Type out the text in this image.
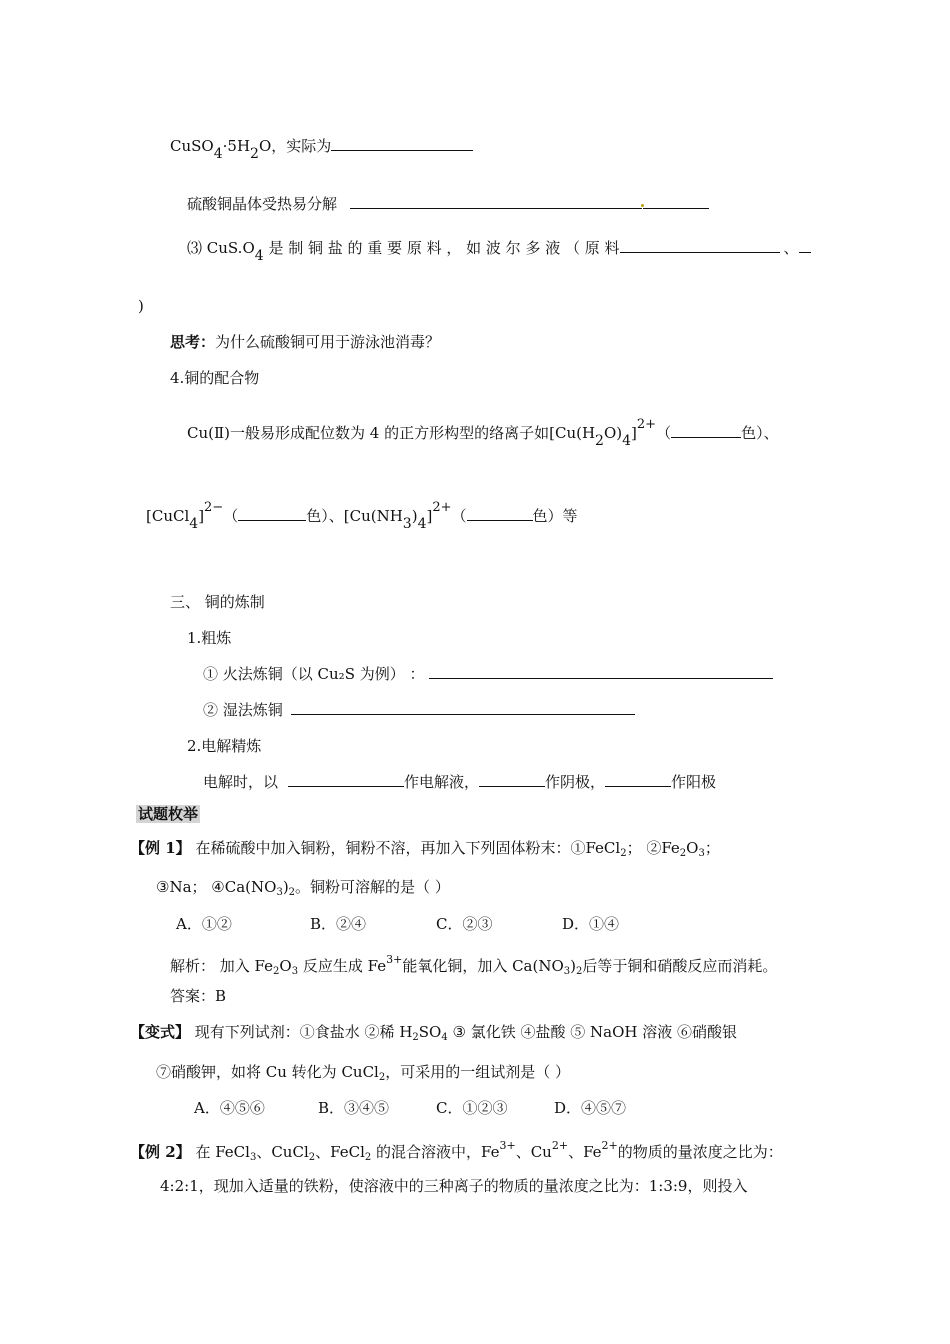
CuSO4·5H2O，实际为
硫酸铜晶体受热易分解
⑶ CuS.O4 是 制 铜 盐 的 重 要 原 料 ， 如 波 尔 多 液 （ 原 料	、
)
思考：为什么硫酸铜可用于游泳池消毒？
4.铜的配合物
Cu(Ⅱ)一般易形成配位数为 4 的正方形构型的络离子如[Cu(H2O)4]2+（	色）、
[CuCl4]2−（	色）、[Cu(NH3)4]2+（	色）等
三、 铜的炼制
1.粗炼
① 火法炼铜（以 Cu₂S 为例） ：
② 湿法炼铜
2.电解精炼
电解时，以	作电解液，	作阴极，	作阳极
试题枚举
【例 1】 在稀硫酸中加入铜粉，铜粉不溶，再加入下列固体粉末：①FeCl$_2$； $②Fe_2O_3$；
③Na； $④Ca(NO_3)_2$。铜粉可溶解的是（ ）
A．①②	B．②④	C．②③	D．①④
解析： 加入 $Fe_2O_3$ 反应生成 $Fe^{3+}$能氧化铜，加入 $Ca(NO_3)_2$后等于铜和硝酸反应而消耗。
答案：B
【变式】 现有下列试剂：①食盐水 ②稀 $H_2SO_4$ ③ 氯化铁 ④盐酸 ⑤ NaOH 溶液 ⑥硝酸银
⑦硝酸钾，如将 Cu 转化为 CuCl$_2$，可采用的一组试剂是（ ）
A．④⑤⑥	B．③④⑤	C．①②③	D．④⑤⑦
【例 2】 在 FeCl$_3$、CuCl$_2$、FeCl$_2$ 的混合溶液中，$Fe^{3+}$、$Cu^{2+}$、$Fe^{2+}$的物质的量浓度之比为：
4:2:1，现加入适量的铁粉，使溶液中的三种离子的物质的量浓度之比为：1:3:9，则投入
